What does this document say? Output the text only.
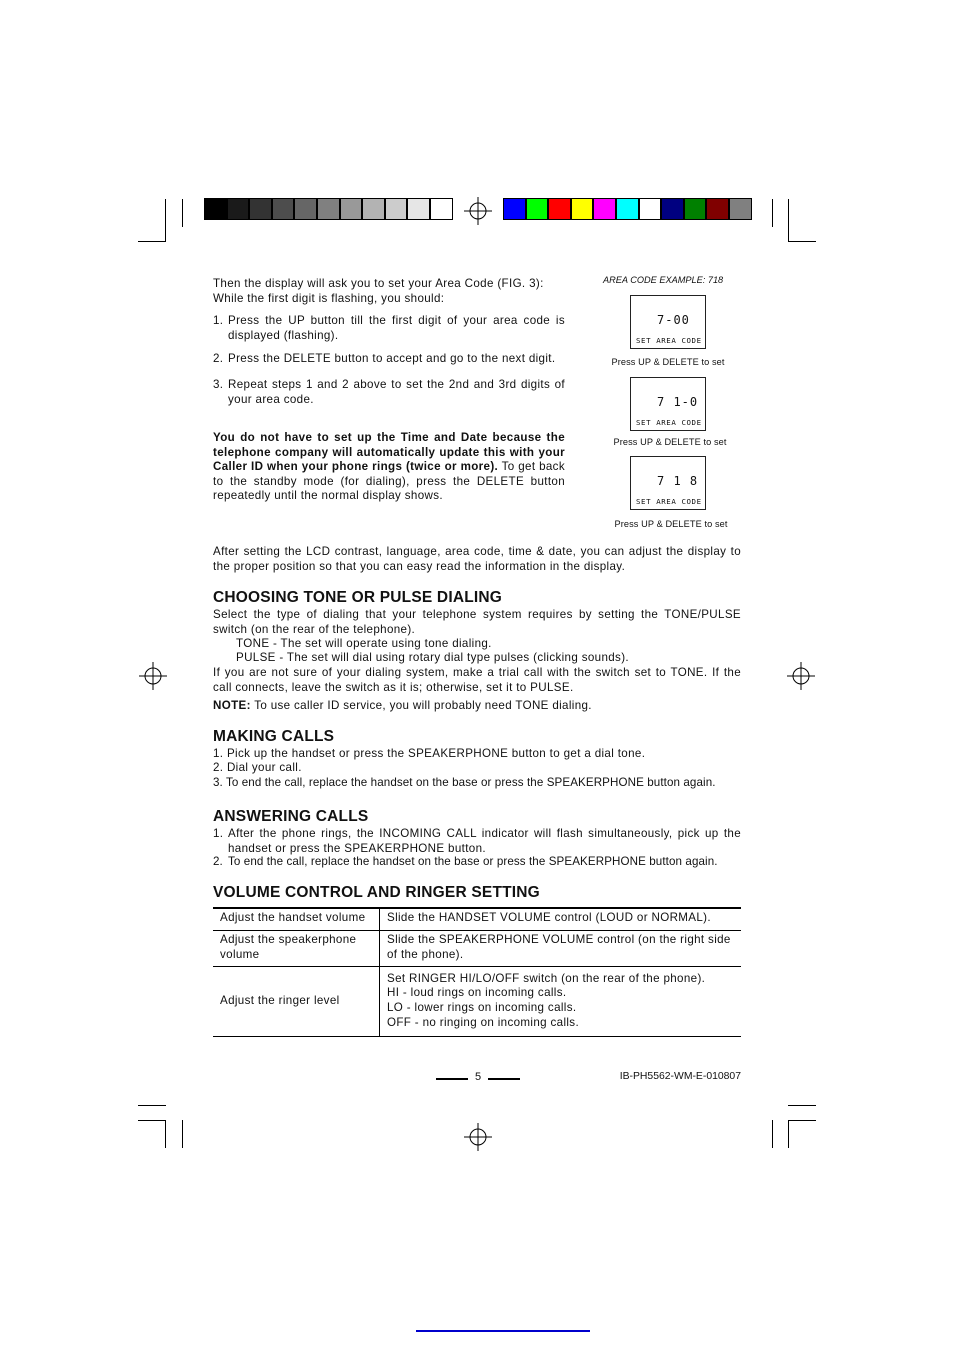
Then the display will ask you to set your Area Code (FIG. 3):
While the first digit is flashing, you should:
1. Press the UP button till the first digit of your area code is displayed (flashing).
2. Press the DELETE button to accept and go to the next digit.
3. Repeat steps 1 and 2 above to set the 2nd and 3rd digits of your area code.
You do not have to set up the Time and Date because the telephone company will automatically update this with your Caller ID when your phone rings (twice or more). To get back to the standby mode (for dialing), press the DELETE button repeatedly until the normal display shows.
AREA CODE EXAMPLE: 718
7-00
SET AREA CODE
Press UP & DELETE to set
7 1-0
SET AREA CODE
Press UP & DELETE to set
7 1 8
SET AREA CODE
Press UP & DELETE to set
After setting the LCD contrast, language, area code, time & date, you can adjust the display to the proper position so that you can easy read the information in the display.
CHOOSING TONE OR PULSE DIALING
Select the type of dialing that your telephone system requires by setting the TONE/PULSE switch (on the rear of the telephone).
TONE - The set will operate using tone dialing.
PULSE - The set will dial using rotary dial type pulses (clicking sounds).
If you are not sure of your dialing system, make a trial call with the switch set to TONE. If the call connects, leave the switch as it is; otherwise, set it to PULSE.
NOTE: To use caller ID service, you will probably need TONE dialing.
MAKING CALLS
1. Pick up the handset or press the SPEAKERPHONE button to get a dial tone.
2. Dial your call.
3. To end the call, replace the handset on the base or press the SPEAKERPHONE button again.
ANSWERING CALLS
1. After the phone rings, the INCOMING CALL indicator will flash simultaneously, pick up the handset or press the SPEAKERPHONE button.
2. To end the call, replace the handset on the base or press the SPEAKERPHONE button again.
VOLUME CONTROL AND RINGER SETTING
Adjust the handset volume	Slide the HANDSET VOLUME control (LOUD or NORMAL).

Adjust the speakerphone volume	Slide the SPEAKERPHONE VOLUME control (on the right side of the phone).

Adjust the ringer level	Set RINGER HI/LO/OFF switch (on the rear of the phone).
HI - loud rings on incoming calls.
LO - lower rings on incoming calls.
OFF - no ringing on incoming calls.
5	IB-PH5562-WM-E-010807
